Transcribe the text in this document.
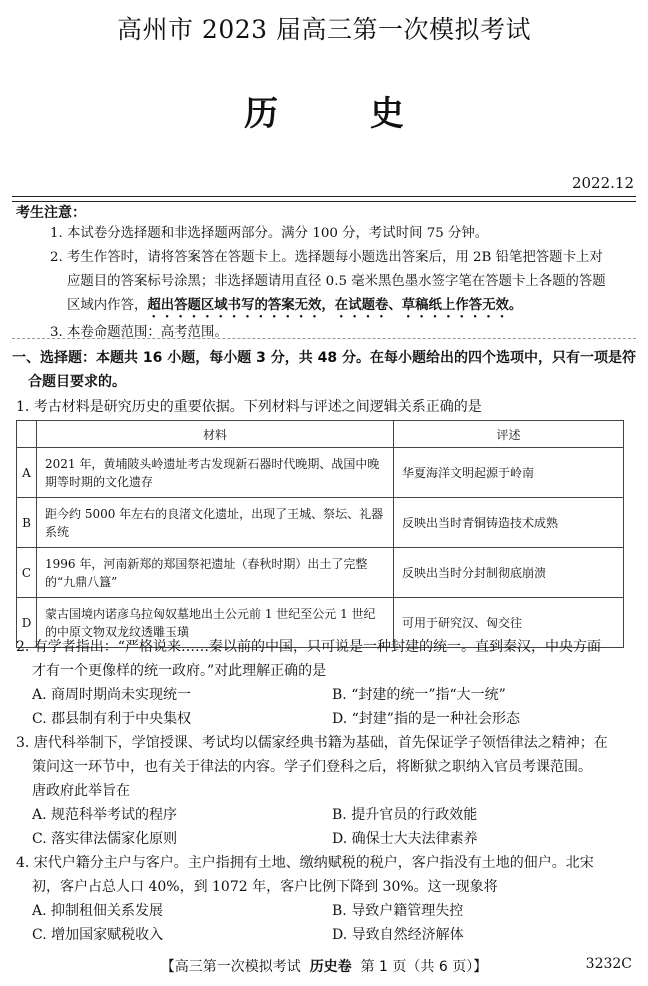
高州市 2023 届高三第一次模拟考试
历 史
2022.12
考生注意：
1. 本试卷分选择题和非选择题两部分。满分 100 分，考试时间 75 分钟。
2. 考生作答时，请将答案答在答题卡上。选择题每小题选出答案后，用 2B 铅笔把答题卡上对
应题目的答案标号涂黑；非选择题请用直径 0.5 毫米黑色墨水签字笔在答题卡上各题的答题
区域内作答，超出答题区域书写的答案无效，在试题卷、草稿纸上作答无效。
3. 本卷命题范围：高考范围。
一、选择题：本题共 16 小题，每小题 3 分，共 48 分。在每小题给出的四个选项中，只有一项是符
合题目要求的。
1. 考古材料是研究历史的重要依据。下列材料与评述之间逻辑关系正确的是
	材料	评述
A	2021 年，黄埔陂头岭遗址考古发现新石器时代晚期、战国中晚期等时期的文化遗存	华夏海洋文明起源于岭南
B	距今约 5000 年左右的良渚文化遗址，出现了王城、祭坛、礼器系统	反映出当时青铜铸造技术成熟
C	1996 年，河南新郑的郑国祭祀遗址（春秋时期）出土了完整的“九鼎八簋”	反映出当时分封制彻底崩溃
D	蒙古国境内诺彦乌拉匈奴墓地出土公元前 1 世纪至公元 1 世纪的中原文物双龙纹透雕玉璜	可用于研究汉、匈交往
2. 有学者指出：“严格说来……秦以前的中国，只可说是一种封建的统一。直到秦汉，中央方面
才有一个更像样的统一政府。”对此理解正确的是
A. 商周时期尚未实现统一	B. “封建的统一”指“大一统”
C. 郡县制有利于中央集权	D. “封建”指的是一种社会形态
3. 唐代科举制下，学馆授课、考试均以儒家经典书籍为基础，首先保证学子领悟律法之精神；在
策问这一环节中，也有关于律法的内容。学子们登科之后，将断狱之职纳入官员考课范围。
唐政府此举旨在
A. 规范科举考试的程序	B. 提升官员的行政效能
C. 落实律法儒家化原则	D. 确保士大夫法律素养
4. 宋代户籍分主户与客户。主户指拥有土地、缴纳赋税的税户，客户指没有土地的佃户。北宋
初，客户占总人口 40%，到 1072 年，客户比例下降到 30%。这一现象将
A. 抑制租佃关系发展	B. 导致户籍管理失控
C. 增加国家赋税收入	D. 导致自然经济解体
【高三第一次模拟考试 历史卷 第 1 页（共 6 页）】	3232C
